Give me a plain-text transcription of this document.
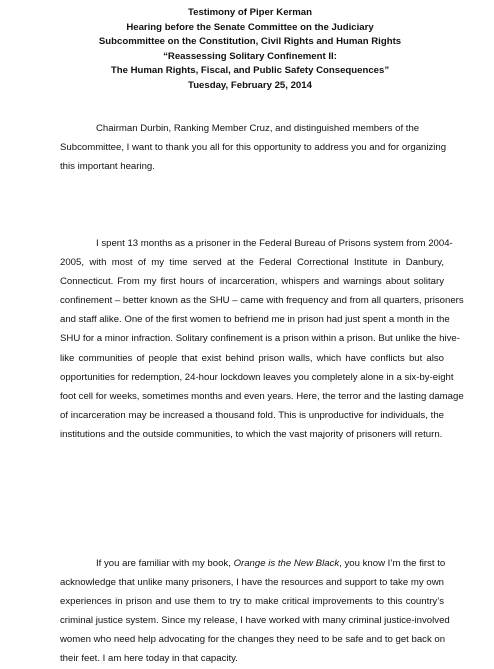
Testimony of Piper Kerman
Hearing before the Senate Committee on the Judiciary
Subcommittee on the Constitution, Civil Rights and Human Rights
“Reassessing Solitary Confinement II:
The Human Rights, Fiscal, and Public Safety Consequences”
Tuesday, February 25, 2014
Chairman Durbin, Ranking Member Cruz, and distinguished members of the
Subcommittee, I want to thank you all for this opportunity to address you and for organizing
this important hearing.
I spent 13 months as a prisoner in the Federal Bureau of Prisons system from 2004-
2005, with most of my time served at the Federal Correctional Institute in Danbury,
Connecticut. From my first hours of incarceration, whispers and warnings about solitary
confinement – better known as the SHU – came with frequency and from all quarters, prisoners
and staff alike. One of the first women to befriend me in prison had just spent a month in the
SHU for a minor infraction. Solitary confinement is a prison within a prison. But unlike the hive-
like communities of people that exist behind prison walls, which have conflicts but also
opportunities for redemption, 24-hour lockdown leaves you completely alone in a six-by-eight
foot cell for weeks, sometimes months and even years. Here, the terror and the lasting damage
of incarceration may be increased a thousand fold. This is unproductive for individuals, the
institutions and the outside communities, to which the vast majority of prisoners will return.
If you are familiar with my book, Orange is the New Black, you know I’m the first to
acknowledge that unlike many prisoners, I have the resources and support to take my own
experiences in prison and use them to try to make critical improvements to this country’s
criminal justice system. Since my release, I have worked with many criminal justice-involved
women who need help advocating for the changes they need to be safe and to get back on
their feet. I am here today in that capacity.
